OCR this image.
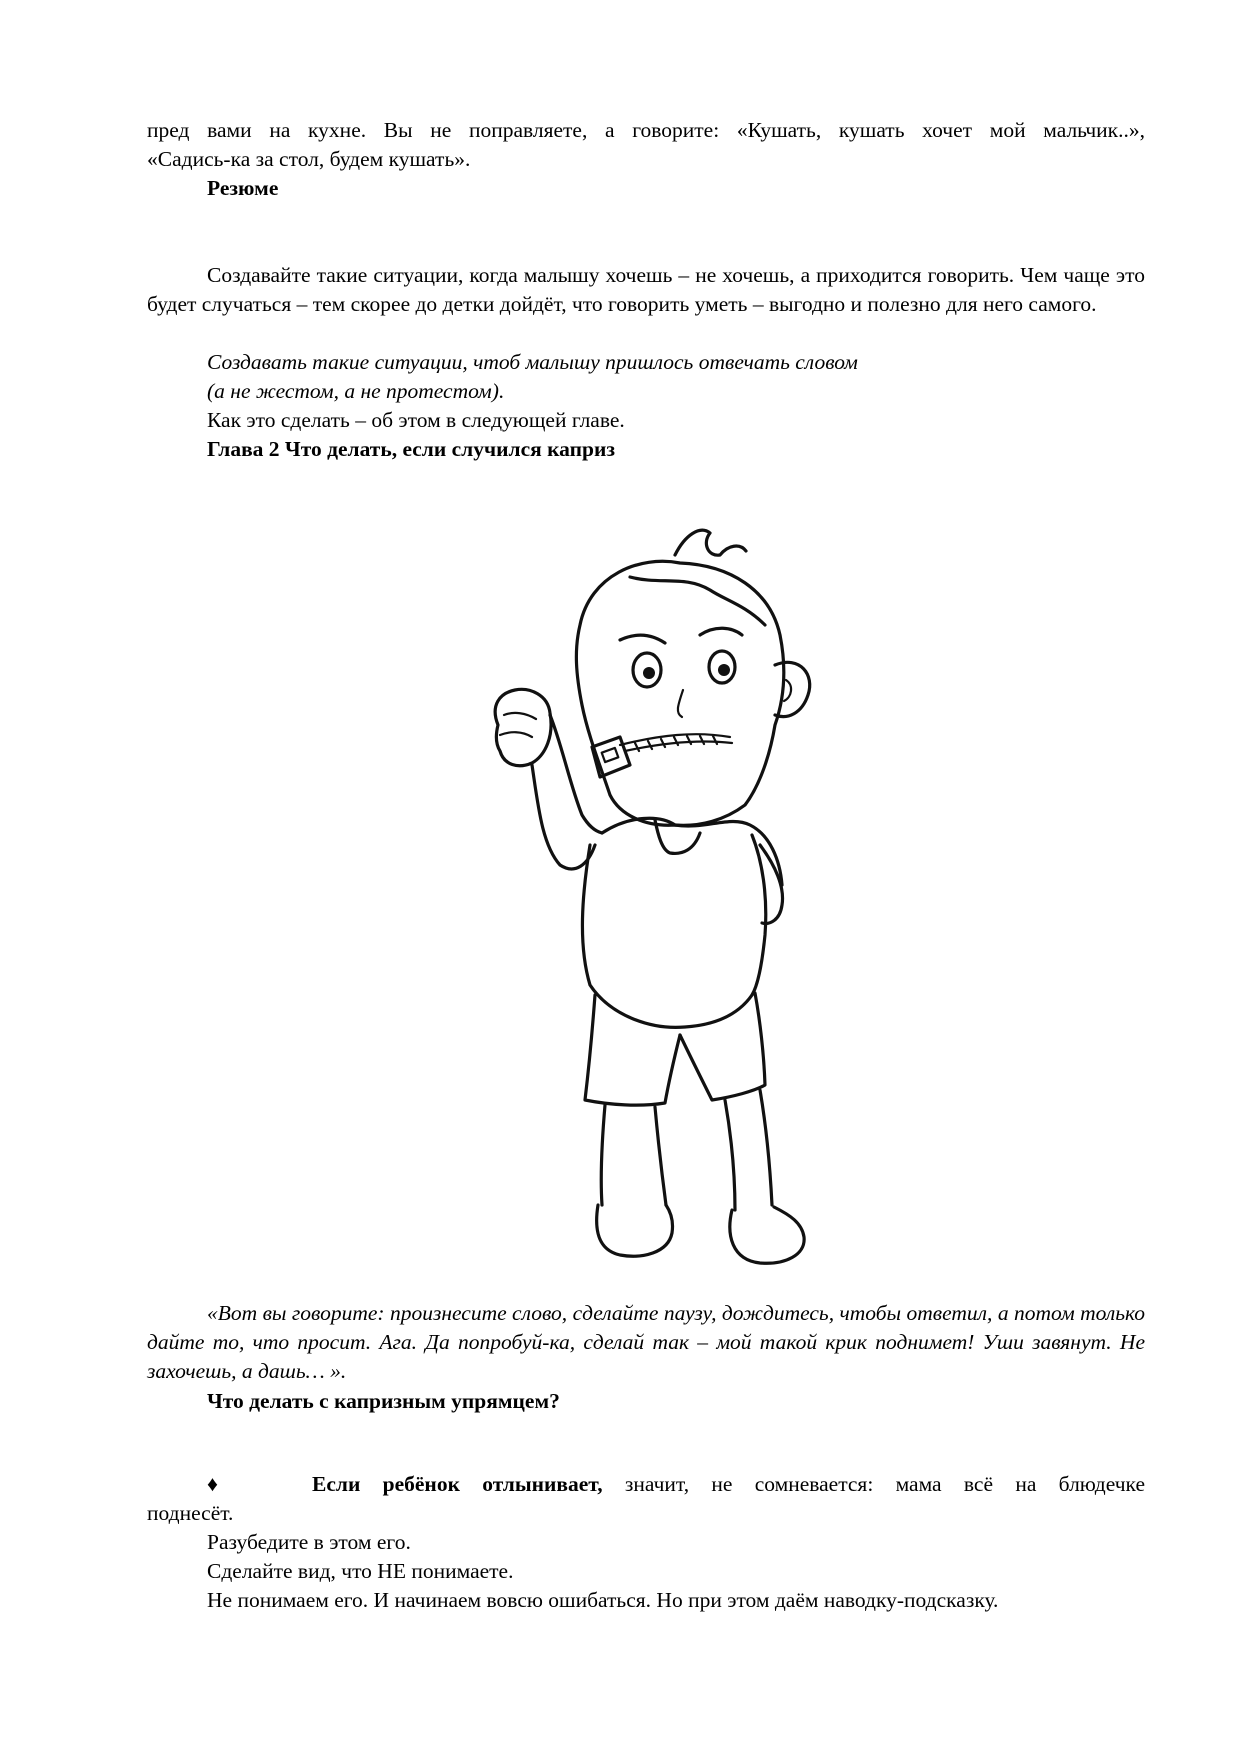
пред вами на кухне. Вы не поправляете, а говорите: «Кушать, кушать хочет мой мальчик..»,

«Садись-ка за стол, будем кушать».

Резюме

Создавайте такие ситуации, когда малышу хочешь – не хочешь, а приходится говорить. Чем чаще это будет случаться – тем скорее до детки дойдёт, что говорить уметь – выгодно и полезно для него самого.

Создавать такие ситуации, чтоб малышу пришлось отвечать словом

(а не жестом, а не протестом).

Как это сделать – об этом в следующей главе.

Глава 2 Что делать, если случился каприз

«Вот вы говорите: произнесите слово, сделайте паузу, дождитесь, чтобы ответил, а потом только дайте то, что просит. Ага. Да попробуй-ка, сделай так – мой такой крик поднимет! Уши завянут. Не захочешь, а дашь… ».

Что делать с капризным упрямцем?

♦	Если ребёнок отлынивает, значит, не сомневается: мама всё на блюдечке

поднесёт.

Разубедите в этом его.

Сделайте вид, что НЕ понимаете.

Не понимаем его. И начинаем вовсю ошибаться. Но при этом даём наводку-подсказку.
